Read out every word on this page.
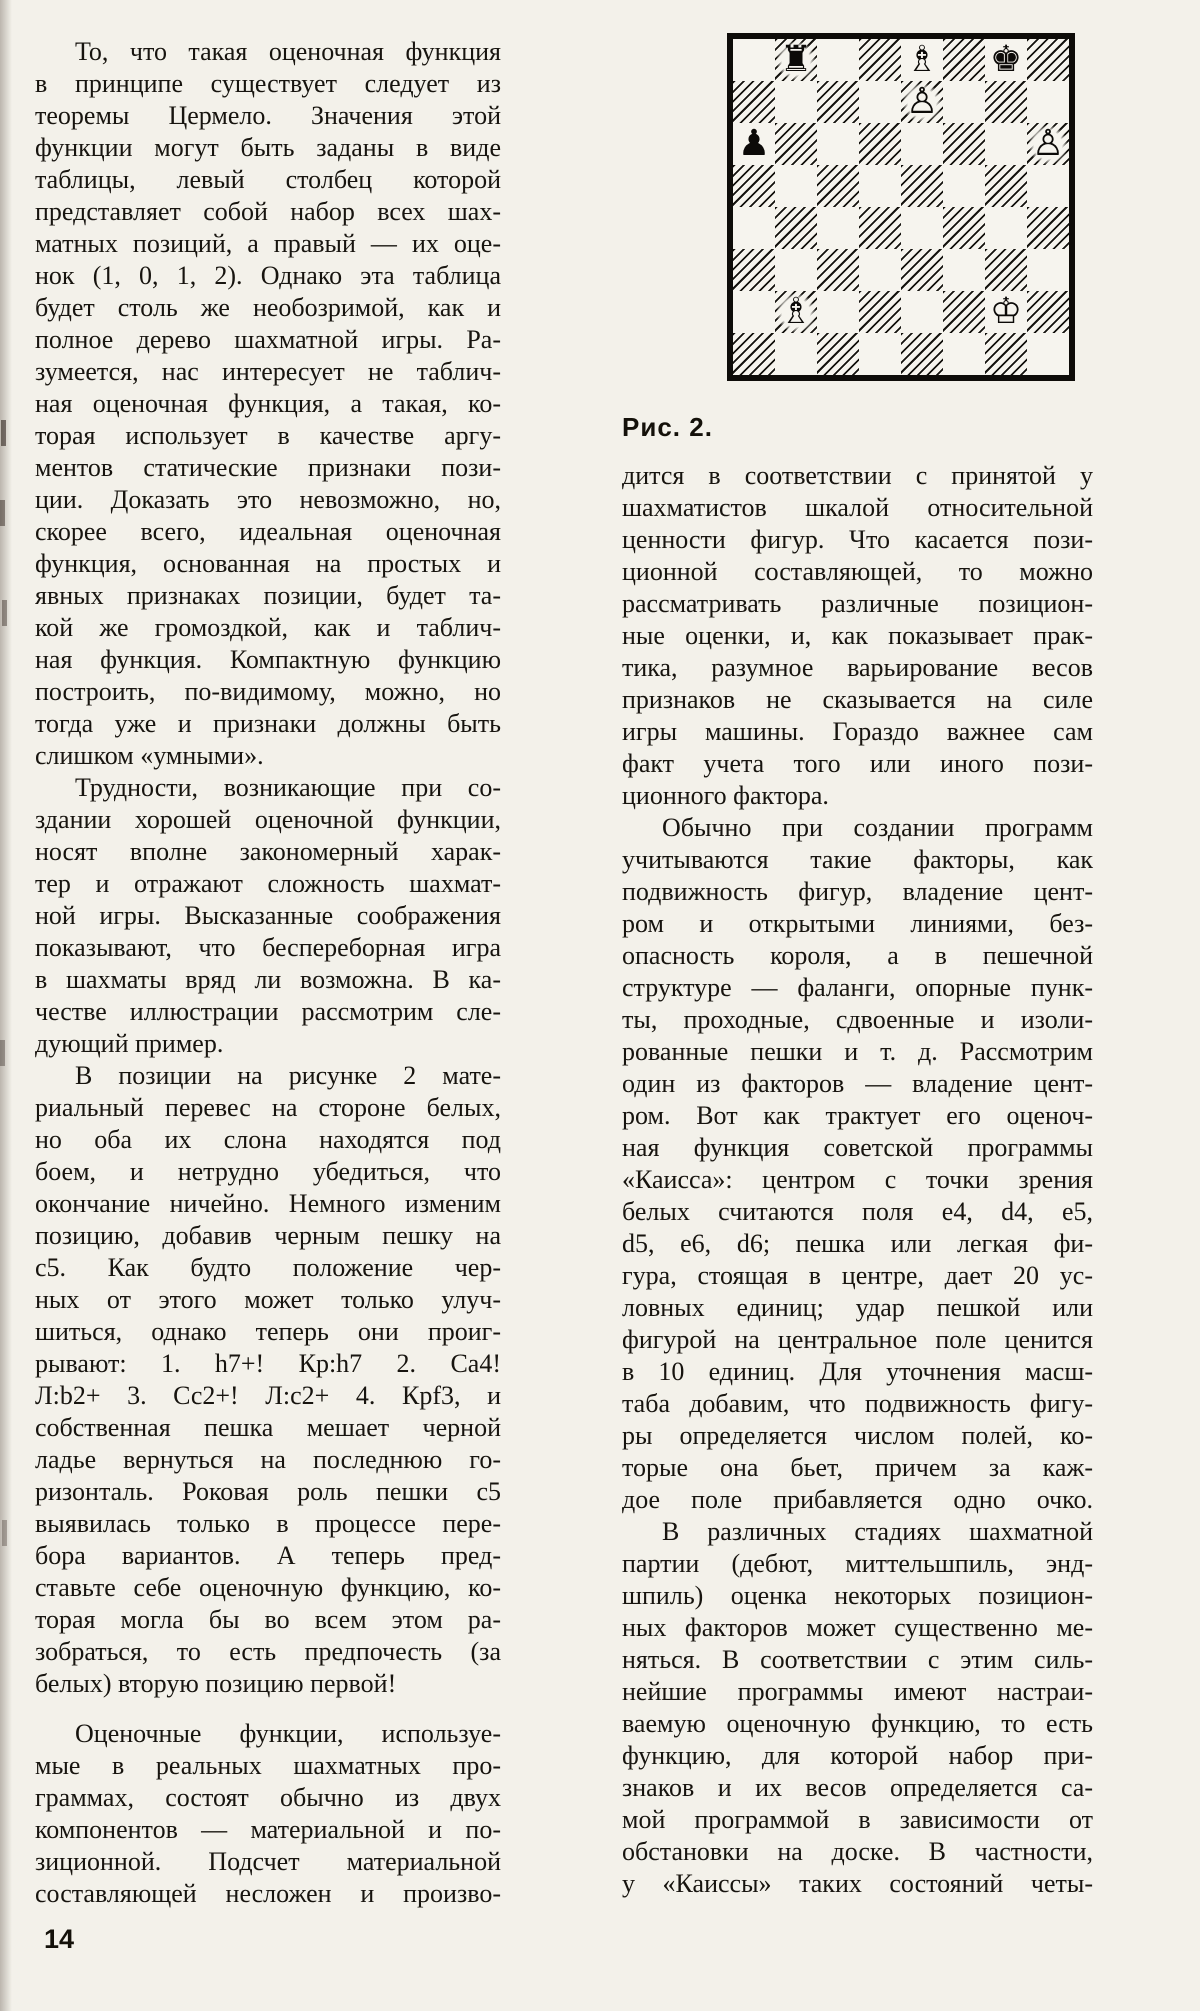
То, что такая оценочная функция
в принципе существует следует из
теоремы Цермело. Значения этой
функции могут быть заданы в виде
таблицы, левый столбец которой
представляет собой набор всех шах-
матных позиций, а правый — их оце-
нок (1, 0, 1, 2). Однако эта таблица
будет столь же необозримой, как и
полное дерево шахматной игры. Ра-
зумеется, нас интересует не таблич-
ная оценочная функция, а такая, ко-
торая использует в качестве аргу-
ментов статические признаки пози-
ции. Доказать это невозможно, но,
скорее всего, идеальная оценочная
функция, основанная на простых и
явных признаках позиции, будет та-
кой же громоздкой, как и таблич-
ная функция. Компактную функцию
построить, по-видимому, можно, но
тогда уже и признаки должны быть
слишком «умными».
Трудности, возникающие при со-
здании хорошей оценочной функции,
носят вполне закономерный харак-
тер и отражают сложность шахмат-
ной игры. Высказанные соображения
показывают, что беспереборная игра
в шахматы вряд ли возможна. В ка-
честве иллюстрации рассмотрим сле-
дующий пример.
В позиции на рисунке 2 мате-
риальный перевес на стороне белых,
но оба их слона находятся под
боем, и нетрудно убедиться, что
окончание ничейно. Немного изменим
позицию, добавив черным пешку на
с5. Как будто положение чер-
ных от этого может только улуч-
шиться, однако теперь они проиг-
рывают: 1. h7+! Кр:h7 2. Са4!
Л:b2+ 3. Сс2+! Л:с2+ 4. Крf3, и
собственная пешка мешает черной
ладье вернуться на последнюю го-
ризонталь. Роковая роль пешки с5
выявилась только в процессе пере-
бора вариантов. А теперь пред-
ставьте себе оценочную функцию, ко-
торая могла бы во всем этом ра-
зобраться, то есть предпочесть (за
белых) вторую позицию первой!
Оценочные функции, используе-
мые в реальных шахматных про-
граммах, состоят обычно из двух
компонентов — материальной и по-
зиционной. Подсчет материальной
составляющей несложен и произво-
♜	♗ ♚
♙
♟	♙
♗	♔
Рис. 2.
дится в соответствии с принятой у
шахматистов шкалой относительной
ценности фигур. Что касается пози-
ционной составляющей, то можно
рассматривать различные позицион-
ные оценки, и, как показывает прак-
тика, разумное варьирование весов
признаков не сказывается на силе
игры машины. Гораздо важнее сам
факт учета того или иного пози-
ционного фактора.
Обычно при создании программ
учитываются такие факторы, как
подвижность фигур, владение цент-
ром и открытыми линиями, без-
опасность короля, а в пешечной
структуре — фаланги, опорные пунк-
ты, проходные, сдвоенные и изоли-
рованные пешки и т. д. Рассмотрим
один из факторов — владение цент-
ром. Вот как трактует его оценоч-
ная функция советской программы
«Каисса»: центром с точки зрения
белых считаются поля е4, d4, е5,
d5, е6, d6; пешка или легкая фи-
гура, стоящая в центре, дает 20 ус-
ловных единиц; удар пешкой или
фигурой на центральное поле ценится
в 10 единиц. Для уточнения масш-
таба добавим, что подвижность фигу-
ры определяется числом полей, ко-
торые она бьет, причем за каж-
дое поле прибавляется одно очко.
В различных стадиях шахматной
партии (дебют, миттельшпиль, энд-
шпиль) оценка некоторых позицион-
ных факторов может существенно ме-
няться. В соответствии с этим силь-
нейшие программы имеют настраи-
ваемую оценочную функцию, то есть
функцию, для которой набор при-
знаков и их весов определяется са-
мой программой в зависимости от
обстановки на доске. В частности,
у «Каиссы» таких состояний четы-
14
